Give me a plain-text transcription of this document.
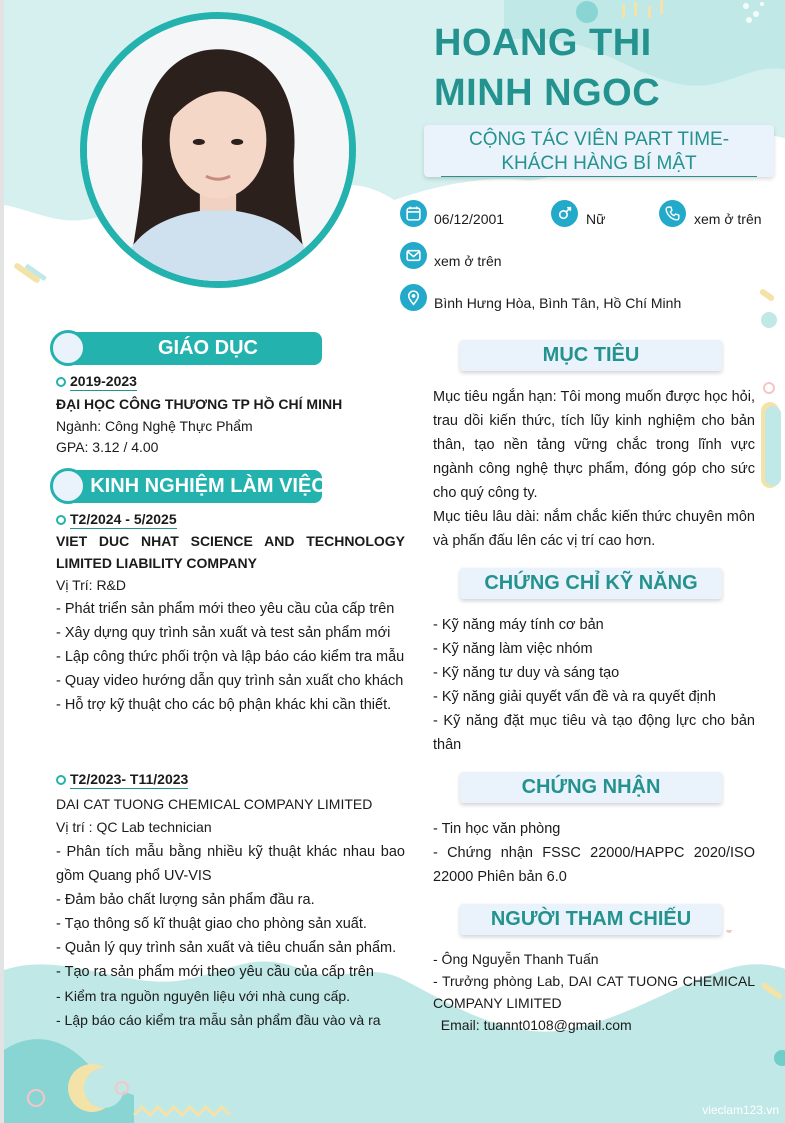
HOANG THI
MINH NGOC
CỘNG TÁC VIÊN PART TIME-
KHÁCH HÀNG BÍ MẬT
06/12/2001	Nữ	xem ở trên
xem ở trên
Bình Hưng Hòa, Bình Tân, Hồ Chí Minh
GIÁO DỤC
2019-2023
ĐẠI HỌC CÔNG THƯƠNG TP HỒ CHÍ MINH
Ngành: Công Nghệ Thực Phẩm
GPA: 3.12 / 4.00
KINH NGHIỆM LÀM VIỆC
T2/2024 - 5/2025
VIET DUC NHAT SCIENCE AND TECHNOLOGY LIMITED LIABILITY COMPANY
Vị Trí: R&D
- Phát triển sản phẩm mới theo yêu cầu của cấp trên
- Xây dựng quy trình sản xuất và test sản phẩm mới
- Lập công thức phối trộn và lập báo cáo kiểm tra mẫu
- Quay video hướng dẫn quy trình sản xuất cho khách
- Hỗ trợ kỹ thuật cho các bộ phận khác khi cần thiết.
T2/2023- T11/2023
DAI CAT TUONG CHEMICAL COMPANY LIMITED
Vị trí : QC Lab technician
- Phân tích mẫu bằng nhiều kỹ thuật khác nhau bao gồm Quang phổ UV-VIS
- Đảm bảo chất lượng sản phẩm đầu ra.
- Tạo thông số kĩ thuật giao cho phòng sản xuất.
- Quản lý quy trình sản xuất và tiêu chuẩn sản phẩm.
- Tạo ra sản phẩm mới theo yêu cầu của cấp trên
- Kiểm tra nguồn nguyên liệu với nhà cung cấp.
- Lập báo cáo kiểm tra mẫu sản phẩm đầu vào và ra
MỤC TIÊU
Mục tiêu ngắn hạn: Tôi mong muốn được học hỏi, trau dồi kiến thức, tích lũy kinh nghiệm cho bản thân, tạo nền tảng vững chắc trong lĩnh vực ngành công nghệ thực phẩm, đóng góp cho sức cho quý công ty.
Mục tiêu lâu dài: nắm chắc kiến thức chuyên môn và phấn đấu lên các vị trí cao hơn.
CHỨNG CHỈ KỸ NĂNG
- Kỹ năng máy tính cơ bản
- Kỹ năng làm việc nhóm
- Kỹ năng tư duy và sáng tạo
- Kỹ năng giải quyết vấn đề và ra quyết định
- Kỹ năng đặt mục tiêu và tạo động lực cho bản thân
CHỨNG NHẬN
- Tin học văn phòng
- Chứng nhận FSSC 22000/HAPPC 2020/ISO 22000 Phiên bản 6.0
NGƯỜI THAM CHIẾU
- Ông Nguyễn Thanh Tuấn
- Trưởng phòng Lab, DAI CAT TUONG CHEMICAL COMPANY LIMITED
Email: tuannt0108@gmail.com
vieclam123.vn
